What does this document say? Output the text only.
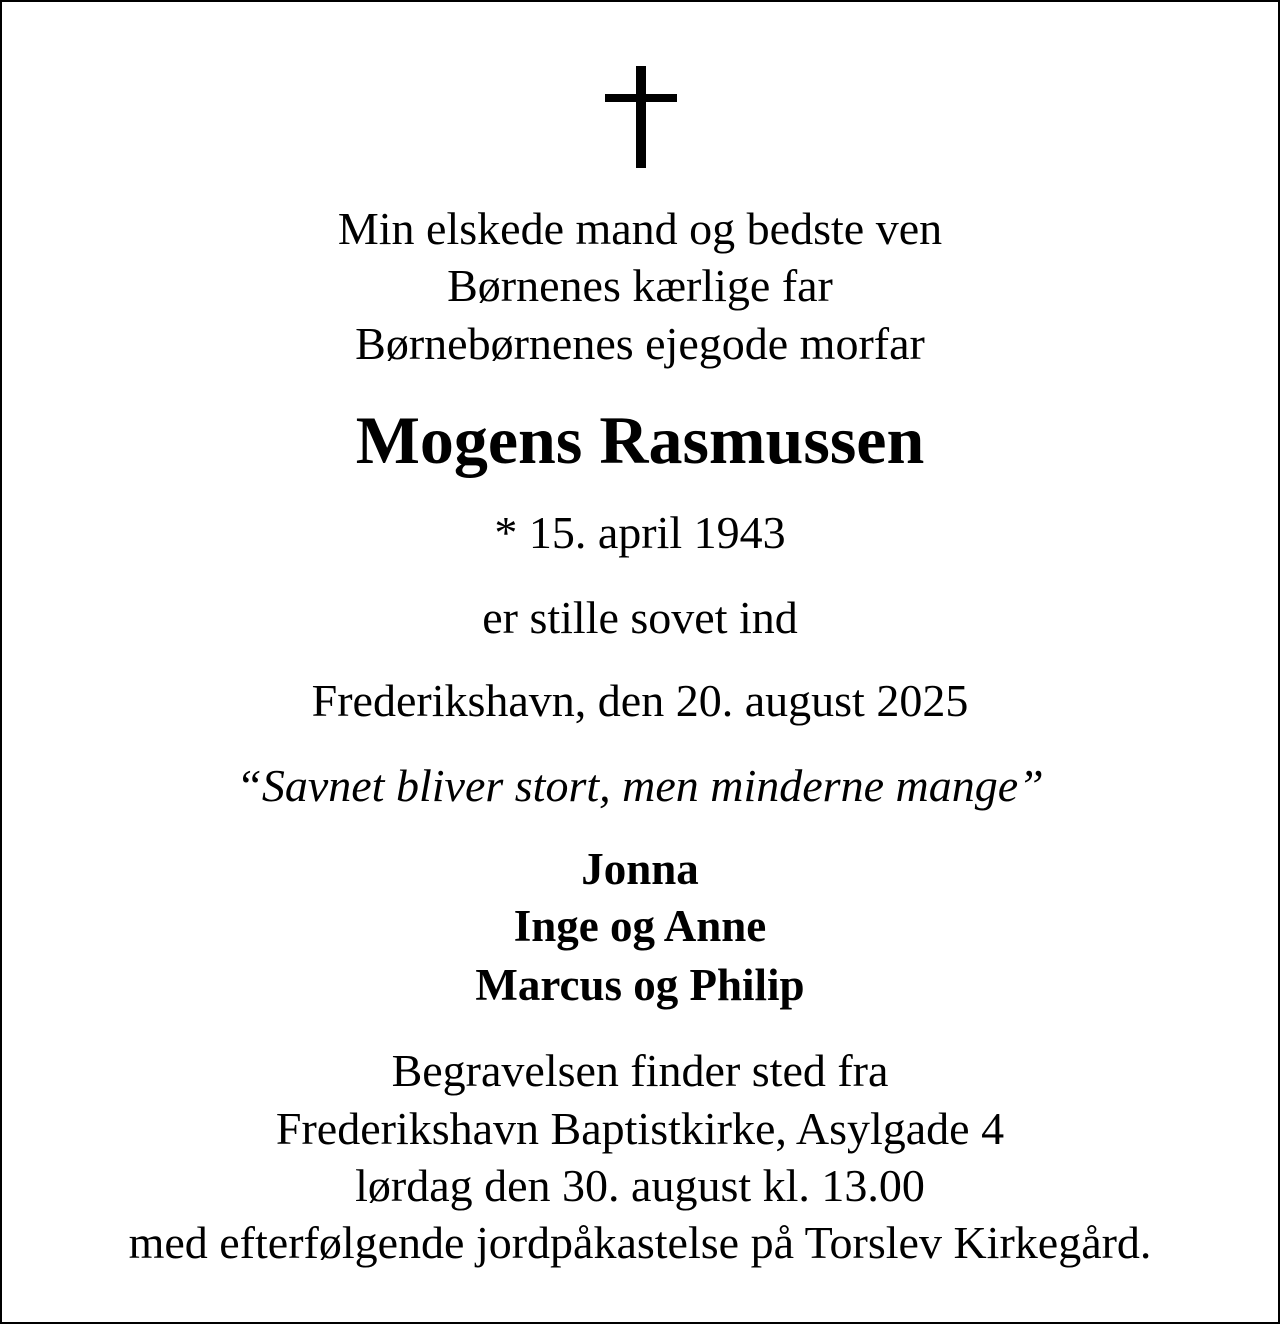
Min elskede mand og bedste ven
Børnenes kærlige far
Børnebørnenes ejegode morfar
Mogens Rasmussen
* 15. april 1943
er stille sovet ind
Frederikshavn, den 20. august 2025
“Savnet bliver stort, men minderne mange”
Jonna
Inge og Anne
Marcus og Philip
Begravelsen finder sted fra
Frederikshavn Baptistkirke, Asylgade 4
lørdag den 30. august kl. 13.00
med efterfølgende jordpåkastelse på Torslev Kirkegård.
